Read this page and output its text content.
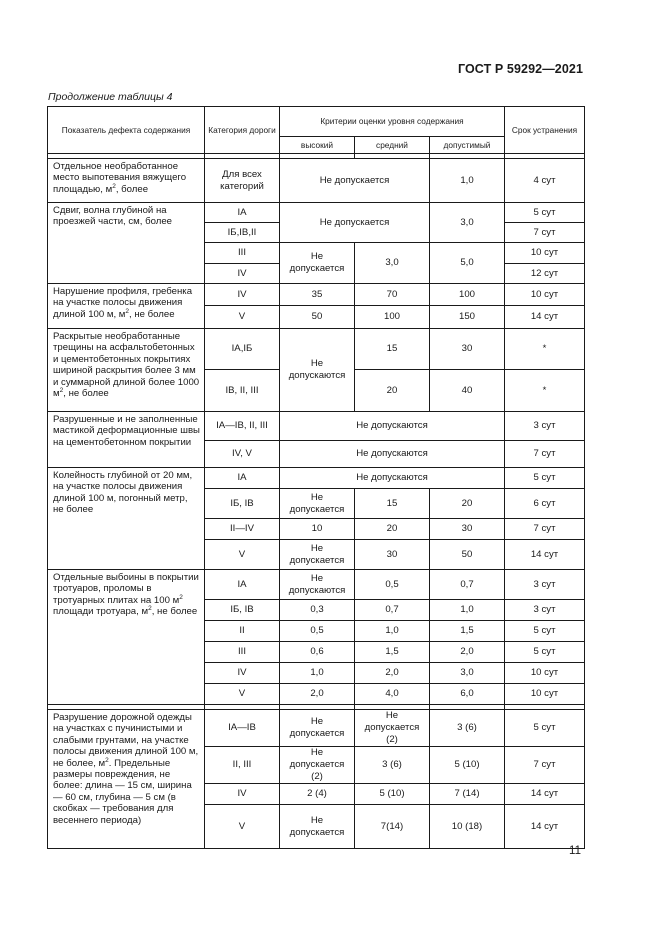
ГОСТ Р 59292—2021
Продолжение таблицы 4
Показатель дефекта содержания	Категория дороги	Критерии оценки уровня содержания			Срок устранения
		высокий	средний	допустимый	

Отдельное необработанное место выпотевания вяжущего площадью, $м^2$, более	Для всех категорий	Не допускается		1,0	4 сут
Сдвиг, волна глубиной на проезжей части, см, более	IA	Не допускается		3,0	5 сут
	IБ,IB,II				7 сут
	III	Не допускается	3,0	5,0	10 сут
	IV				12 сут
Нарушение профиля, гребенка на участке полосы движения длиной 100 м, $м^2$, не более	IV	35	70	100	10 сут
	V	50	100	150	14 сут
Раскрытые необработанные трещины на асфальтобетонных и цементобетонных покрытиях шириной раскрытия более 3 мм и суммарной длиной более 1000 $м^2$, не более	IA,IБ	Не допускаются	15	30	*
	IB, II, III		20	40	*
Разрушенные и не заполненные мастикой деформационные швы на цементобетонном покрытии	IA—IB, II, III	Не допускаются			3 сут
	IV, V	Не допускаются			7 сут
Колейность глубиной от 20 мм, на участке полосы движения длиной 100 м, погонный метр, не более	IA	Не допускаются			5 сут
	IБ, IB	Не допускается	15	20	6 сут
	II—IV	10	20	30	7 сут
	V	Не допускается	30	50	14 сут
Отдельные выбоины в покрытии тротуаров, проломы в тротуарных плитах на 100 $м^2$ площади тротуара, $м^2$, не более	IA	Не допускаются	0,5	0,7	3 сут
	IБ, IB	0,3	0,7	1,0	3 сут
	II	0,5	1,0	1,5	5 сут
	III	0,6	1,5	2,0	5 сут
	IV	1,0	2,0	3,0	10 сут
	V	2,0	4,0	6,0	10 сут

Разрушение дорожной одежды на участках с пучинистыми и слабыми грунтами, на участке полосы движения длиной 100 м, не более, $м^2$. Предельные размеры повреждения, не более: длина — 15 см, ширина — 60 см, глубина — 5 см (в скобках — требования для весеннего периода)	IA—IB	Не допускается	Не допускается (2)	3 (6)	5 сут
	II, III	Не допускается (2)	3 (6)	5 (10)	7 сут
	IV	2 (4)	5 (10)	7 (14)	14 сут
	V	Не допускается	7(14)	10 (18)	14 сут
11
